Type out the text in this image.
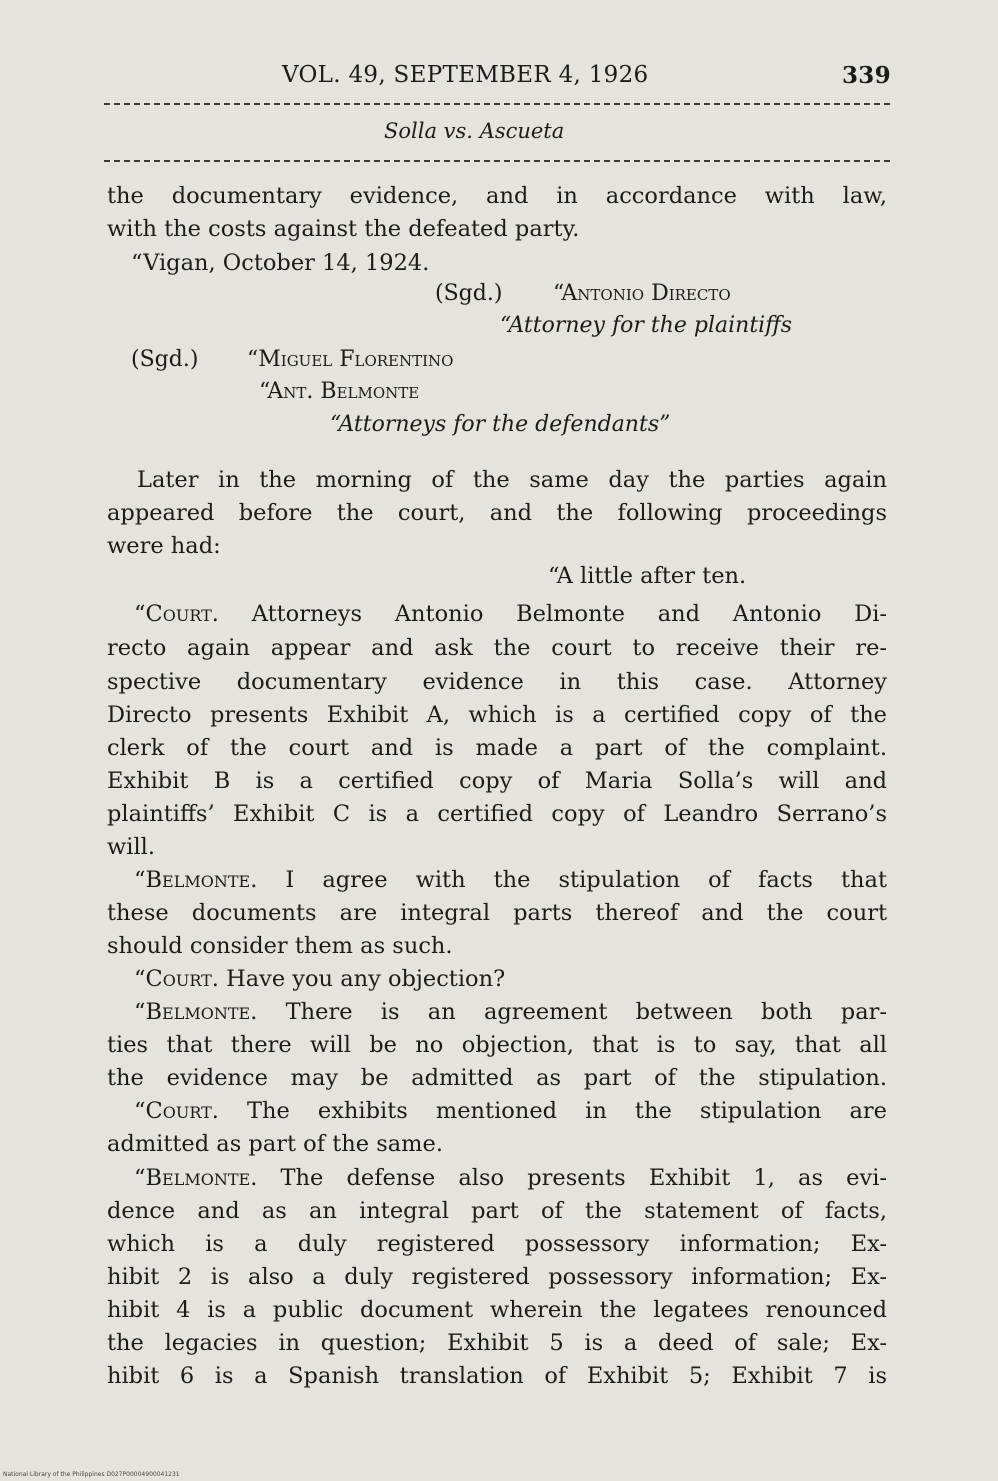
VOL. 49, SEPTEMBER 4, 1926	339
Solla vs. Ascueta
the documentary evidence, and in accordance with law,
with the costs against the defeated party.
“Vigan, October 14, 1924.
(Sgd.) “Antonio Directo
“Attorney for the plaintiffs
(Sgd.) “Miguel Florentino
“Ant. Belmonte
“Attorneys for the defendants”
Later in the morning of the same day the parties again
appeared before the court, and the following proceedings
were had:
“A little after ten.
“Court. Attorneys Antonio Belmonte and Antonio Di-
recto again appear and ask the court to receive their re-
spective documentary evidence in this case. Attorney
Directo presents Exhibit A, which is a certified copy of the
clerk of the court and is made a part of the complaint.
Exhibit B is a certified copy of Maria Solla’s will and
plaintiffs’ Exhibit C is a certified copy of Leandro Serrano’s
will.
“Belmonte. I agree with the stipulation of facts that
these documents are integral parts thereof and the court
should consider them as such.
“Court. Have you any objection?
“Belmonte. There is an agreement between both par-
ties that there will be no objection, that is to say, that all
the evidence may be admitted as part of the stipulation.
“Court. The exhibits mentioned in the stipulation are
admitted as part of the same.
“Belmonte. The defense also presents Exhibit 1, as evi-
dence and as an integral part of the statement of facts,
which is a duly registered possessory information; Ex-
hibit 2 is also a duly registered possessory information; Ex-
hibit 4 is a public document wherein the legatees renounced
the legacies in question; Exhibit 5 is a deed of sale; Ex-
hibit 6 is a Spanish translation of Exhibit 5; Exhibit 7 is
National Library of the Philippines D027P00004900041231
